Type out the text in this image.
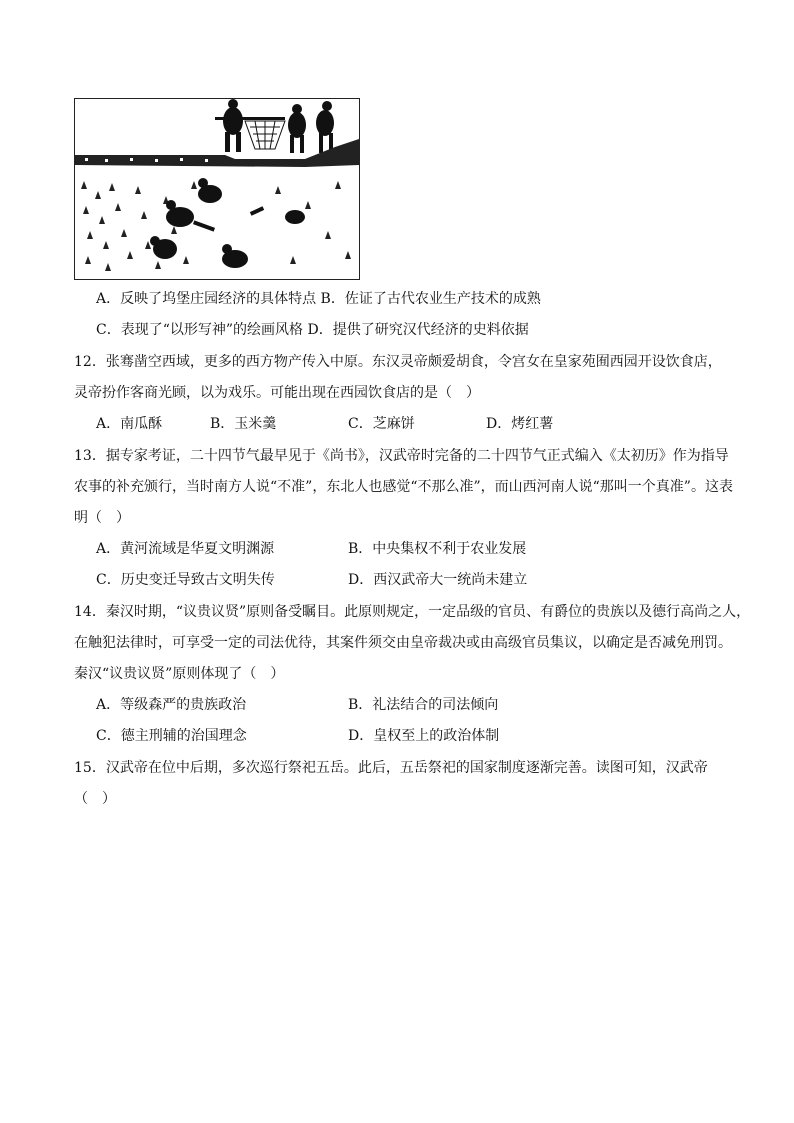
A．反映了坞堡庄园经济的具体特点 B．佐证了古代农业生产技术的成熟
C．表现了“以形写神”的绘画风格 D．提供了研究汉代经济的史料依据
12．张骞凿空西域，更多的西方物产传入中原。东汉灵帝颇爱胡食，令宫女在皇家苑囿西园开设饮食店，
灵帝扮作客商光顾，以为戏乐。可能出现在西园饮食店的是（　）
A．南瓜酥	B．玉米羹	C．芝麻饼	D．烤红薯
13．据专家考证，二十四节气最早见于《尚书》，汉武帝时完备的二十四节气正式编入《太初历》作为指导
农事的补充颁行，当时南方人说“不准”，东北人也感觉“不那么准”，而山西河南人说“那叫一个真准”。这表
明（　）
A．黄河流域是华夏文明渊源	B．中央集权不利于农业发展
C．历史变迁导致古文明失传	D．西汉武帝大一统尚未建立
14．秦汉时期，“议贵议贤”原则备受瞩目。此原则规定，一定品级的官员、有爵位的贵族以及德行高尚之人，
在触犯法律时，可享受一定的司法优待，其案件须交由皇帝裁决或由高级官员集议，以确定是否减免刑罚。
秦汉“议贵议贤”原则体现了（　）
A．等级森严的贵族政治	B．礼法结合的司法倾向
C．德主刑辅的治国理念	D．皇权至上的政治体制
15．汉武帝在位中后期，多次巡行祭祀五岳。此后，五岳祭祀的国家制度逐渐完善。读图可知，汉武帝
（　）
